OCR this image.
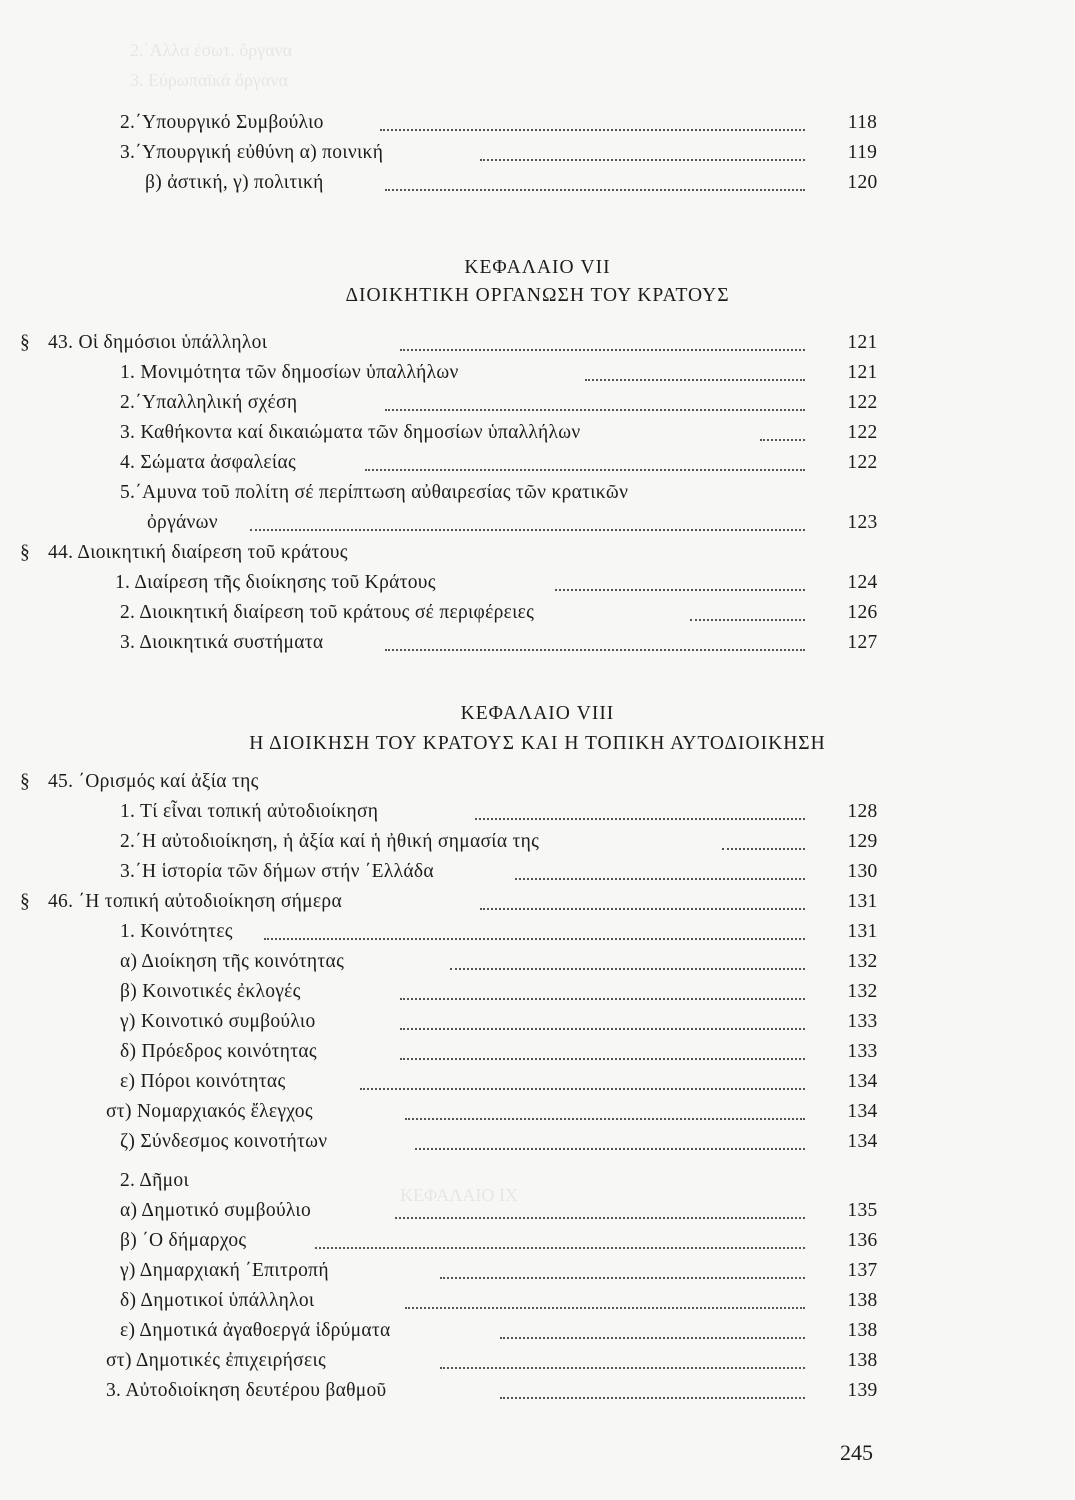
2.΄Αλλα ἐσωτ. ὄργανα
3. Εὐρωπαϊκά ὄργανα
ΚΕΦΑΛΑΙΟ ΙΧ
2.΄Υπουργικό Συμβούλιο	118
3.΄Υπουργική εὐθύνη α) ποινική	119
β) ἀστική, γ) πολιτική	120
ΚΕΦΑΛΑΙΟ VII
ΔΙΟΙΚΗΤΙΚΗ ΟΡΓΑΝΩΣΗ ΤΟΥ ΚΡΑΤΟΥΣ
§ 43. Οἱ δημόσιοι ὑπάλληλοι	121
1. Μονιμότητα τῶν δημοσίων ὑπαλλήλων	121
2.΄Υπαλληλική σχέση	122
3. Καθήκοντα καί δικαιώματα τῶν δημοσίων ὑπαλλήλων	122
4. Σώματα ἀσφαλείας	122
5.΄Αμυνα τοῦ πολίτη σέ περίπτωση αὐθαιρεσίας τῶν κρατικῶν
ὀργάνων	123
§ 44. Διοικητική διαίρεση τοῦ κράτους
1. Διαίρεση τῆς διοίκησης τοῦ Κράτους	124
2. Διοικητική διαίρεση τοῦ κράτους σέ περιφέρειες	126
3. Διοικητικά συστήματα	127
ΚΕΦΑΛΑΙΟ VIII
Η ΔΙΟΙΚΗΣΗ ΤΟΥ ΚΡΑΤΟΥΣ ΚΑΙ Η ΤΟΠΙΚΗ ΑΥΤΟΔΙΟΙΚΗΣΗ
§ 45. ΄Ορισμός καί ἀξία της
1. Τί εἶναι τοπική αὐτοδιοίκηση	128
2.΄Η αὐτοδιοίκηση, ἡ ἀξία καί ἡ ἠθική σημασία της	129
3.΄Η ἱστορία τῶν δήμων στήν ΄Ελλάδα	130
§ 46. ΄Η τοπική αὐτοδιοίκηση σήμερα	131
1. Κοινότητες	131
α) Διοίκηση τῆς κοινότητας	132
β) Κοινοτικές ἐκλογές	132
γ) Κοινοτικό συμβούλιο	133
δ) Πρόεδρος κοινότητας	133
ε) Πόροι κοινότητας	134
στ) Νομαρχιακός ἔλεγχος	134
ζ) Σύνδεσμος κοινοτήτων	134
2. Δῆμοι
α) Δημοτικό συμβούλιο	135
β) ΄Ο δήμαρχος	136
γ) Δημαρχιακή ΄Επιτροπή	137
δ) Δημοτικοί ὑπάλληλοι	138
ε) Δημοτικά ἀγαθοεργά ἱδρύματα	138
στ) Δημοτικές ἐπιχειρήσεις	138
3. Αὐτοδιοίκηση δευτέρου βαθμοῦ	139
245
